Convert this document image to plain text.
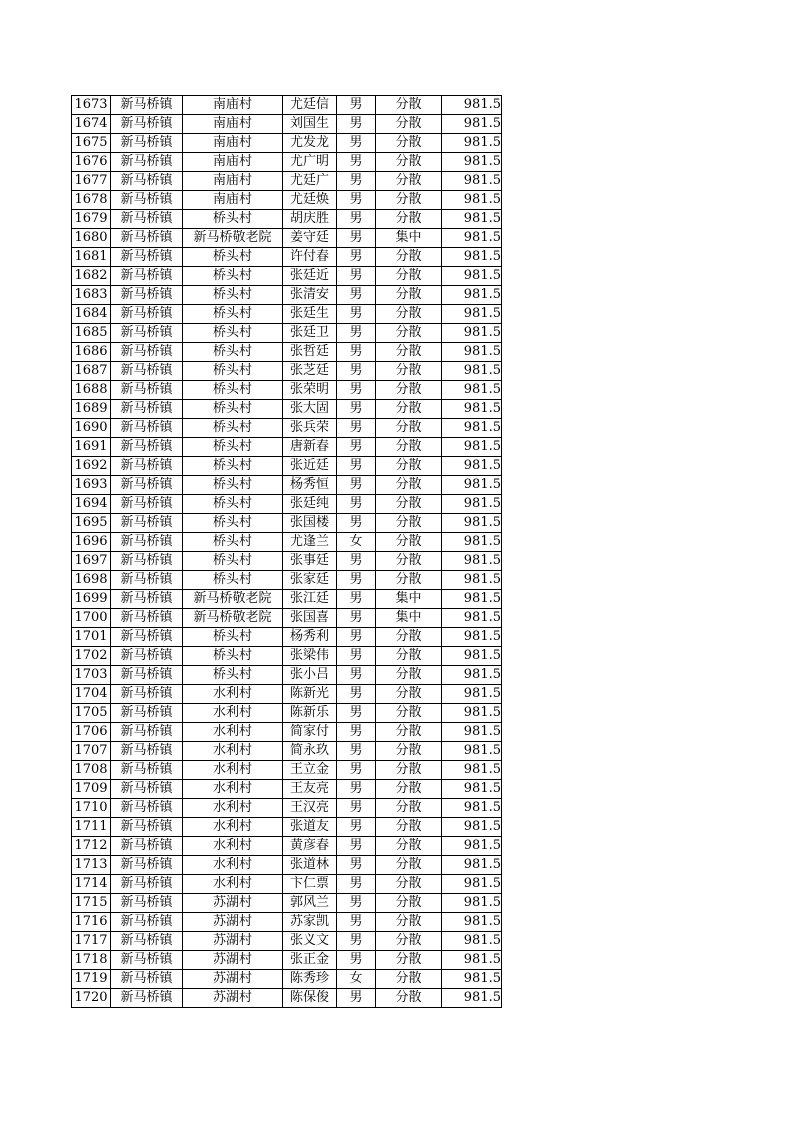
1673	新马桥镇	南庙村	尤廷信	男	分散	981.5
1674	新马桥镇	南庙村	刘国生	男	分散	981.5
1675	新马桥镇	南庙村	尤发龙	男	分散	981.5
1676	新马桥镇	南庙村	尤广明	男	分散	981.5
1677	新马桥镇	南庙村	尤廷广	男	分散	981.5
1678	新马桥镇	南庙村	尤廷焕	男	分散	981.5
1679	新马桥镇	桥头村	胡庆胜	男	分散	981.5
1680	新马桥镇	新马桥敬老院	姜守廷	男	集中	981.5
1681	新马桥镇	桥头村	许付春	男	分散	981.5
1682	新马桥镇	桥头村	张廷近	男	分散	981.5
1683	新马桥镇	桥头村	张清安	男	分散	981.5
1684	新马桥镇	桥头村	张廷生	男	分散	981.5
1685	新马桥镇	桥头村	张廷卫	男	分散	981.5
1686	新马桥镇	桥头村	张哲廷	男	分散	981.5
1687	新马桥镇	桥头村	张芝廷	男	分散	981.5
1688	新马桥镇	桥头村	张荣明	男	分散	981.5
1689	新马桥镇	桥头村	张大固	男	分散	981.5
1690	新马桥镇	桥头村	张兵荣	男	分散	981.5
1691	新马桥镇	桥头村	唐新春	男	分散	981.5
1692	新马桥镇	桥头村	张近廷	男	分散	981.5
1693	新马桥镇	桥头村	杨秀恒	男	分散	981.5
1694	新马桥镇	桥头村	张廷纯	男	分散	981.5
1695	新马桥镇	桥头村	张国楼	男	分散	981.5
1696	新马桥镇	桥头村	尤逢兰	女	分散	981.5
1697	新马桥镇	桥头村	张事廷	男	分散	981.5
1698	新马桥镇	桥头村	张家廷	男	分散	981.5
1699	新马桥镇	新马桥敬老院	张江廷	男	集中	981.5
1700	新马桥镇	新马桥敬老院	张国喜	男	集中	981.5
1701	新马桥镇	桥头村	杨秀利	男	分散	981.5
1702	新马桥镇	桥头村	张梁伟	男	分散	981.5
1703	新马桥镇	桥头村	张小吕	男	分散	981.5
1704	新马桥镇	水利村	陈新光	男	分散	981.5
1705	新马桥镇	水利村	陈新乐	男	分散	981.5
1706	新马桥镇	水利村	简家付	男	分散	981.5
1707	新马桥镇	水利村	简永玖	男	分散	981.5
1708	新马桥镇	水利村	王立金	男	分散	981.5
1709	新马桥镇	水利村	王友亮	男	分散	981.5
1710	新马桥镇	水利村	王汉亮	男	分散	981.5
1711	新马桥镇	水利村	张道友	男	分散	981.5
1712	新马桥镇	水利村	黄彦春	男	分散	981.5
1713	新马桥镇	水利村	张道林	男	分散	981.5
1714	新马桥镇	水利村	卞仁票	男	分散	981.5
1715	新马桥镇	苏湖村	郭风兰	男	分散	981.5
1716	新马桥镇	苏湖村	苏家凯	男	分散	981.5
1717	新马桥镇	苏湖村	张义文	男	分散	981.5
1718	新马桥镇	苏湖村	张正金	男	分散	981.5
1719	新马桥镇	苏湖村	陈秀珍	女	分散	981.5
1720	新马桥镇	苏湖村	陈保俊	男	分散	981.5
